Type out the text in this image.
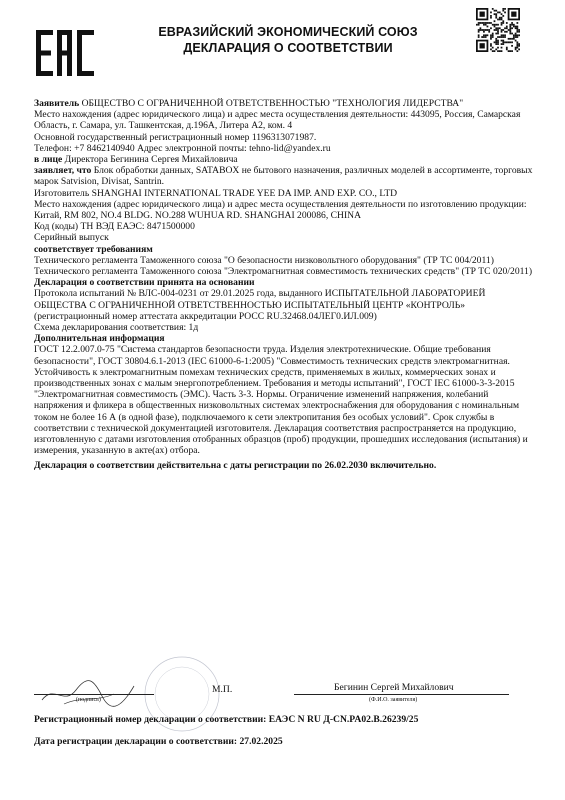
ЕВРАЗИЙСКИЙ ЭКОНОМИЧЕСКИЙ СОЮЗ
ДЕКЛАРАЦИЯ О СООТВЕТСТВИИ

Заявитель ОБЩЕСТВО С ОГРАНИЧЕННОЙ ОТВЕТСТВЕННОСТЬЮ "ТЕХНОЛОГИЯ ЛИДЕРСТВА"

Место нахождения (адрес юридического лица) и адрес места осуществления деятельности: 443095, Россия, Самарская Область, г. Самара, ул. Ташкентская, д.196А, Литера А2, ком. 4

Основной государственный регистрационный номер 1196313071987.

Телефон: +7 8462140940 Адрес электронной почты: tehno-lid@yandex.ru

в лице Директора Бегинина Сергея Михайловича

заявляет, что Блок обработки данных, SATABOX не бытового назначения, различных моделей в ассортименте, торговых марок Satvision, Divisat, Santrin.

Изготовитель SHANGHAI INTERNATIONAL TRADE YEE DA IMP. AND EXP. CO., LTD

Место нахождения (адрес юридического лица) и адрес места осуществления деятельности по изготовлению продукции: Китай, RM 802, NO.4 BLDG. NO.288 WUHUA RD. SHANGHAI 200086, CHINA

Код (коды) ТН ВЭД ЕАЭС: 8471500000

Серийный выпуск

соответствует требованиям

Технического регламента Таможенного союза "О безопасности низковольтного оборудования" (ТР ТС 004/2011)

Технического регламента Таможенного союза "Электромагнитная совместимость технических средств" (ТР ТС 020/2011)

Декларация о соответствии принята на основании

Протокола испытаний № ВЛС-004-0231 от 29.01.2025 года, выданного ИСПЫТАТЕЛЬНОЙ ЛАБОРАТОРИЕЙ ОБЩЕСТВА С ОГРАНИЧЕННОЙ ОТВЕТСТВЕННОСТЬЮ ИСПЫТАТЕЛЬНЫЙ ЦЕНТР «КОНТРОЛЬ» (регистрационный номер аттестата аккредитации РОСС RU.32468.04ЛЕГ0.ИЛ.009)

Схема декларирования соответствия: 1д

Дополнительная информация

ГОСТ 12.2.007.0-75 "Система стандартов безопасности труда. Изделия электротехнические. Общие требования безопасности", ГОСТ 30804.6.1-2013 (IEC 61000-6-1:2005) "Совместимость технических средств электромагнитная. Устойчивость к электромагнитным помехам технических средств, применяемых в жилых, коммерческих зонах и производственных зонах с малым энергопотреблением. Требования и методы испытаний", ГОСТ IEC 61000-3-3-2015 "Электромагнитная совместимость (ЭМС). Часть 3-3. Нормы. Ограничение изменений напряжения, колебаний напряжения и фликера в общественных низковольтных системах электроснабжения для оборудования с номинальным током не более 16 А (в одной фазе), подключаемого к сети электропитания без особых условий". Срок службы в соответствии с технической документацией изготовителя. Декларация соответствия распространяется на продукцию, изготовленную с датами изготовления отобранных образцов (проб) продукции, прошедших исследования (испытания) и измерения, указанную в акте(ах) отбора.

Декларация о соответствии действительна с даты регистрации по 26.02.2030 включительно.

(подпись)
М.П.	Бегинин Сергей Михайлович
(Ф.И.О. заявителя)
Регистрационный номер декларации о соответствии: ЕАЭС N RU Д-CN.PA02.B.26239/25
Дата регистрации декларации о соответствии: 27.02.2025
